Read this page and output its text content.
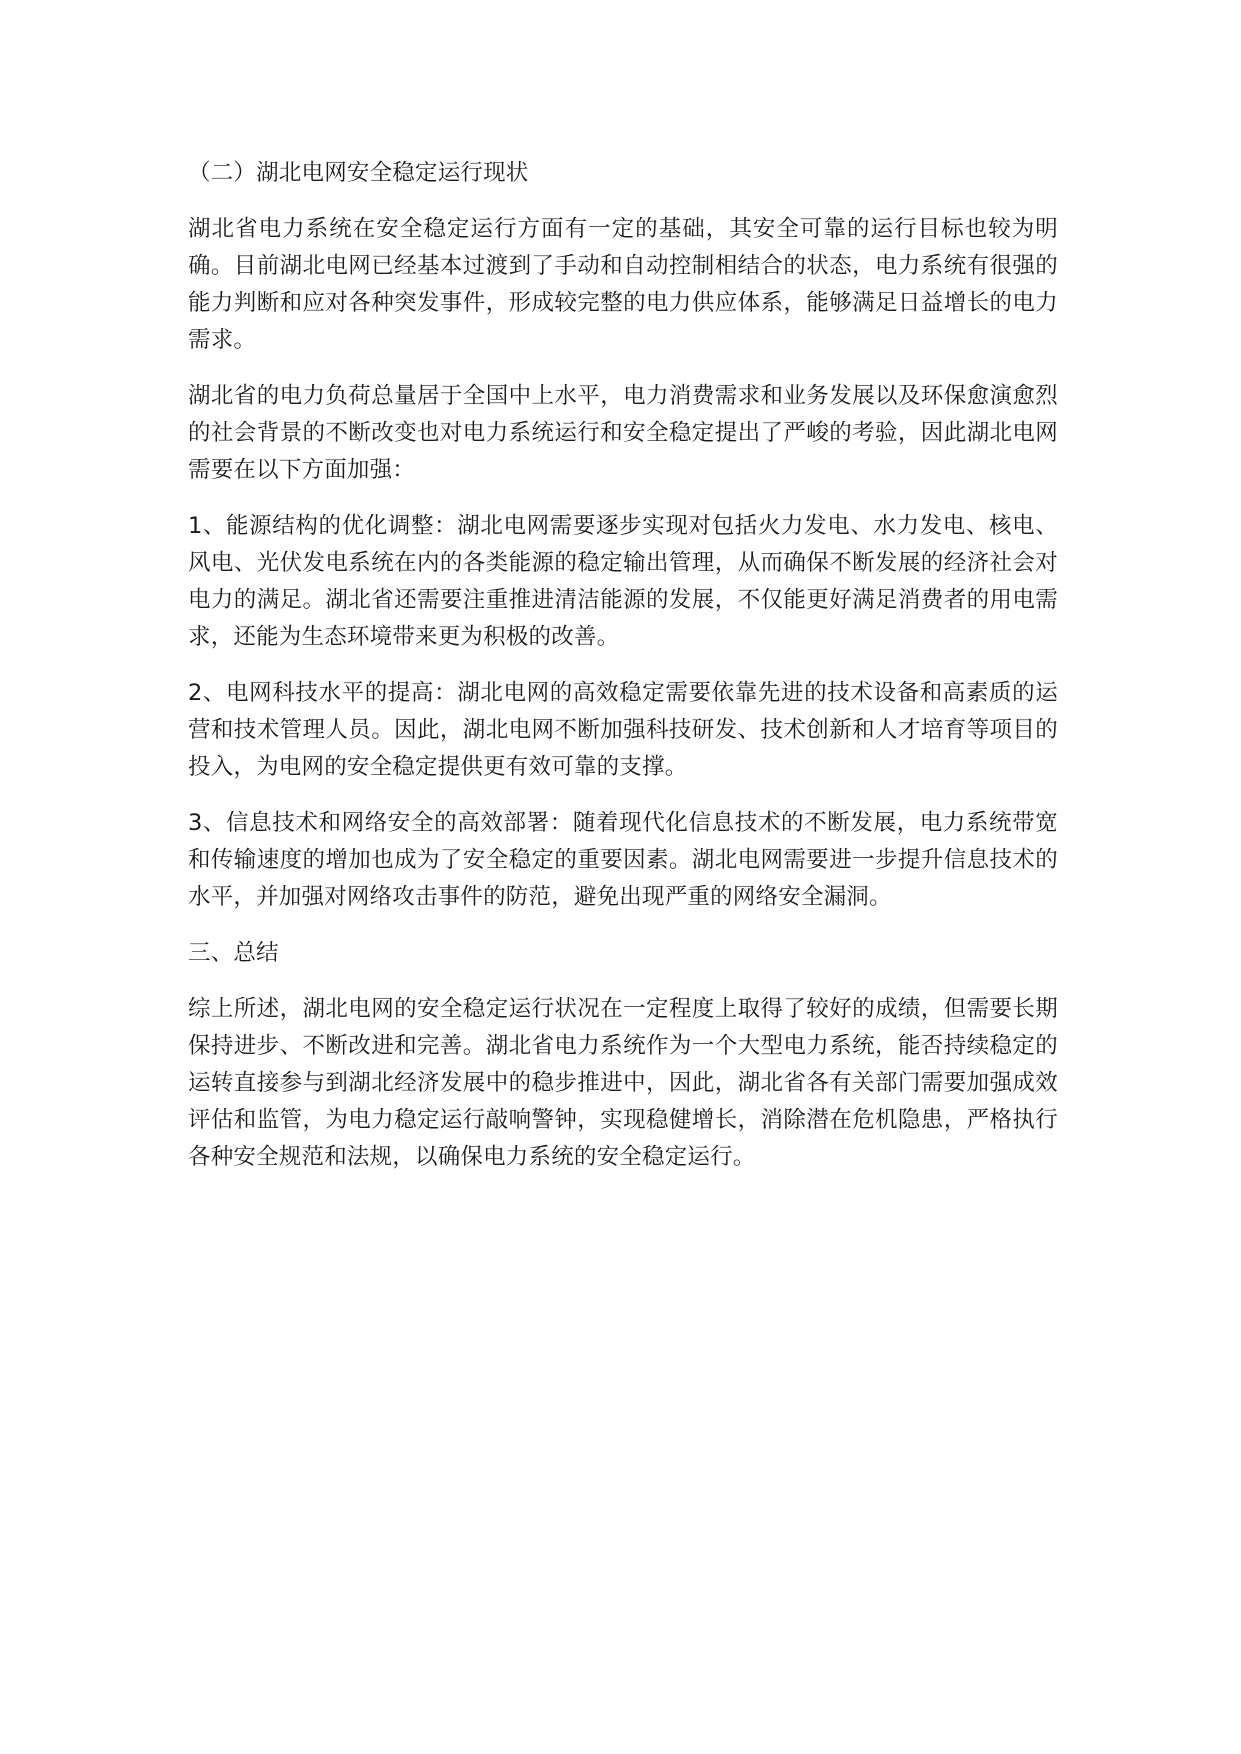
（二）湖北电网安全稳定运行现状

湖北省电力系统在安全稳定运行方面有一定的基础，其安全可靠的运行目标也较为明确。目前湖北电网已经基本过渡到了手动和自动控制相结合的状态，电力系统有很强的能力判断和应对各种突发事件，形成较完整的电力供应体系，能够满足日益增长的电力需求。

湖北省的电力负荷总量居于全国中上水平，电力消费需求和业务发展以及环保愈演愈烈的社会背景的不断改变也对电力系统运行和安全稳定提出了严峻的考验，因此湖北电网需要在以下方面加强：

1、能源结构的优化调整：湖北电网需要逐步实现对包括火力发电、水力发电、核电、风电、光伏发电系统在内的各类能源的稳定输出管理，从而确保不断发展的经济社会对电力的满足。湖北省还需要注重推进清洁能源的发展，不仅能更好满足消费者的用电需求，还能为生态环境带来更为积极的改善。

2、电网科技水平的提高：湖北电网的高效稳定需要依靠先进的技术设备和高素质的运营和技术管理人员。因此，湖北电网不断加强科技研发、技术创新和人才培育等项目的投入，为电网的安全稳定提供更有效可靠的支撑。

3、信息技术和网络安全的高效部署：随着现代化信息技术的不断发展，电力系统带宽和传输速度的增加也成为了安全稳定的重要因素。湖北电网需要进一步提升信息技术的水平，并加强对网络攻击事件的防范，避免出现严重的网络安全漏洞。

三、总结

综上所述，湖北电网的安全稳定运行状况在一定程度上取得了较好的成绩，但需要长期保持进步、不断改进和完善。湖北省电力系统作为一个大型电力系统，能否持续稳定的运转直接参与到湖北经济发展中的稳步推进中，因此，湖北省各有关部门需要加强成效评估和监管，为电力稳定运行敲响警钟，实现稳健增长，消除潜在危机隐患，严格执行各种安全规范和法规，以确保电力系统的安全稳定运行。
